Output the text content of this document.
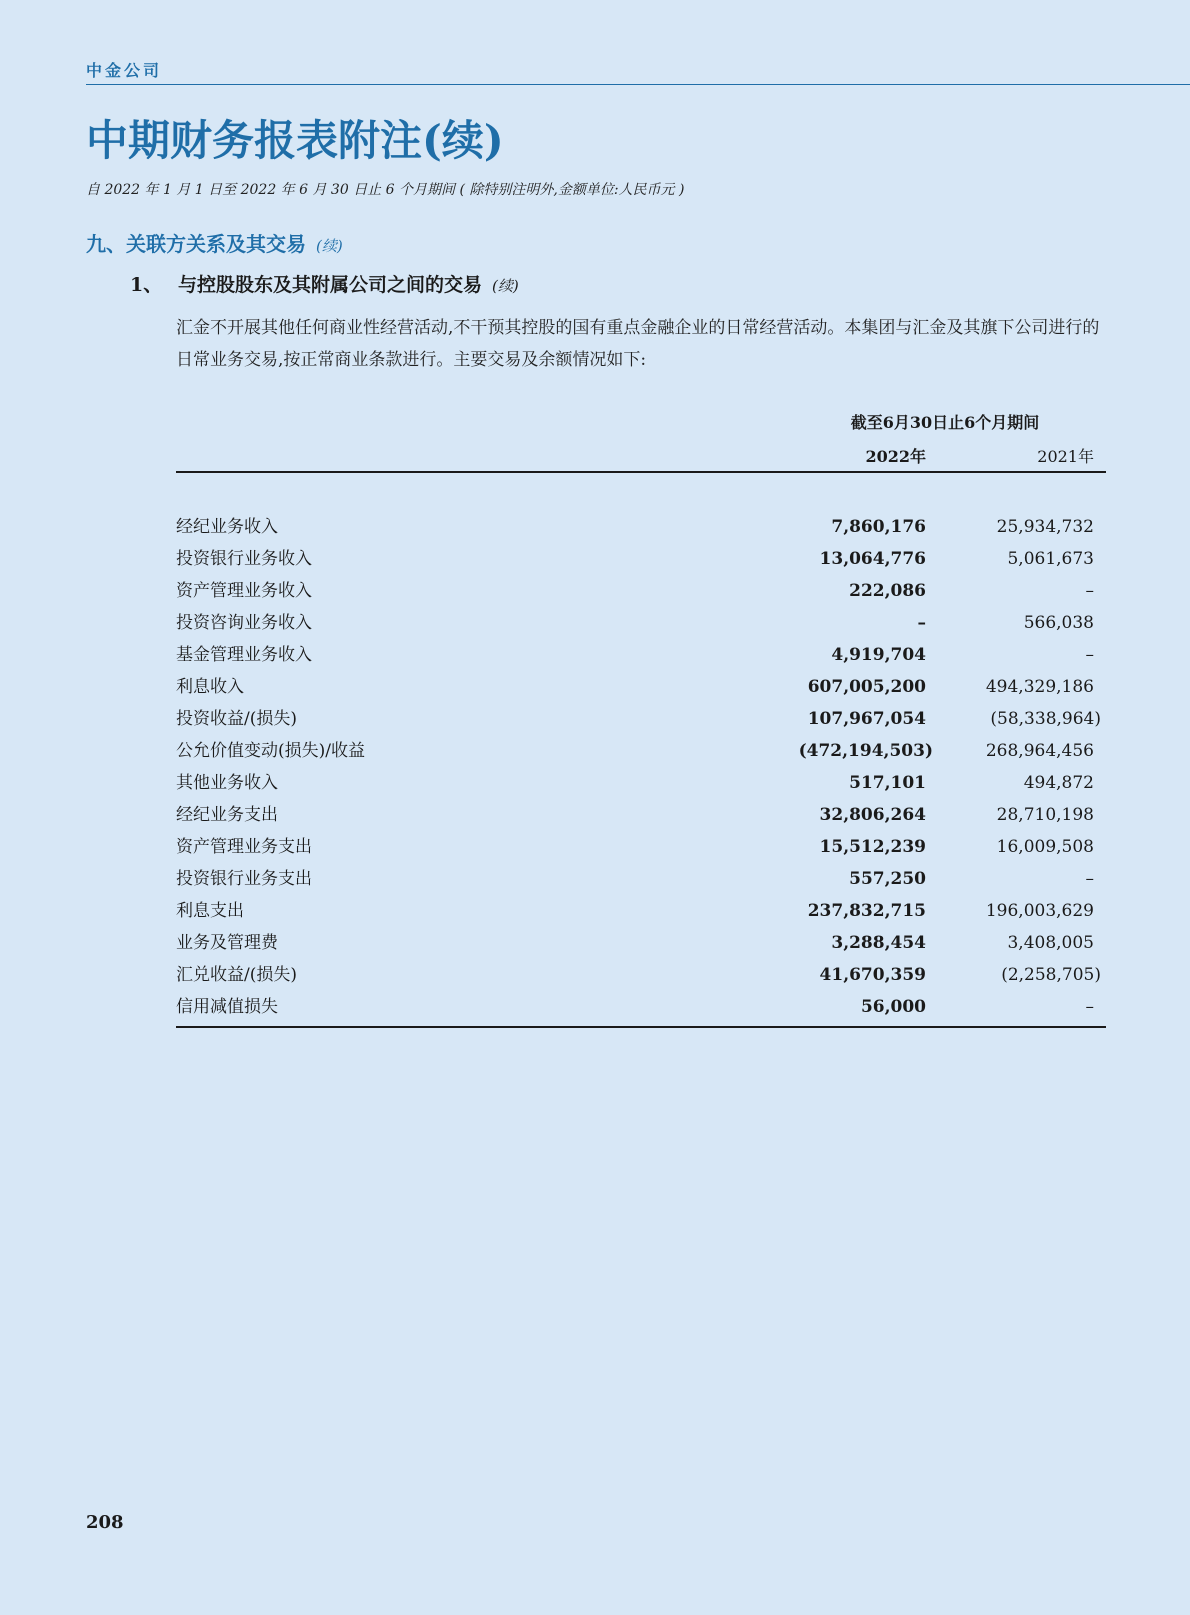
中金公司
中期财务报表附注(续)
自 2022 年 1 月 1 日至 2022 年 6 月 30 日止 6 个月期间 ( 除特别注明外,金额单位:人民币元 )
九、关联方关系及其交易 (续)
1、 与控股股东及其附属公司之间的交易 (续)
汇金不开展其他任何商业性经营活动,不干预其控股的国有重点金融企业的日常经营活动。本集团与汇金及其旗下公司进行的日常业务交易,按正常商业条款进行。主要交易及余额情况如下:
截至6月30日止6个月期间
2022年	2021年
经纪业务收入	7,860,176	25,934,732
投资银行业务收入	13,064,776	5,061,673
资产管理业务收入	222,086	–
投资咨询业务收入	–	566,038
基金管理业务收入	4,919,704	–
利息收入	607,005,200	494,329,186
投资收益/(损失)	107,967,054	(58,338,964)
公允价值变动(损失)/收益	(472,194,503)	268,964,456
其他业务收入	517,101	494,872
经纪业务支出	32,806,264	28,710,198
资产管理业务支出	15,512,239	16,009,508
投资银行业务支出	557,250	–
利息支出	237,832,715	196,003,629
业务及管理费	3,288,454	3,408,005
汇兑收益/(损失)	41,670,359	(2,258,705)
信用减值损失	56,000	–
208
